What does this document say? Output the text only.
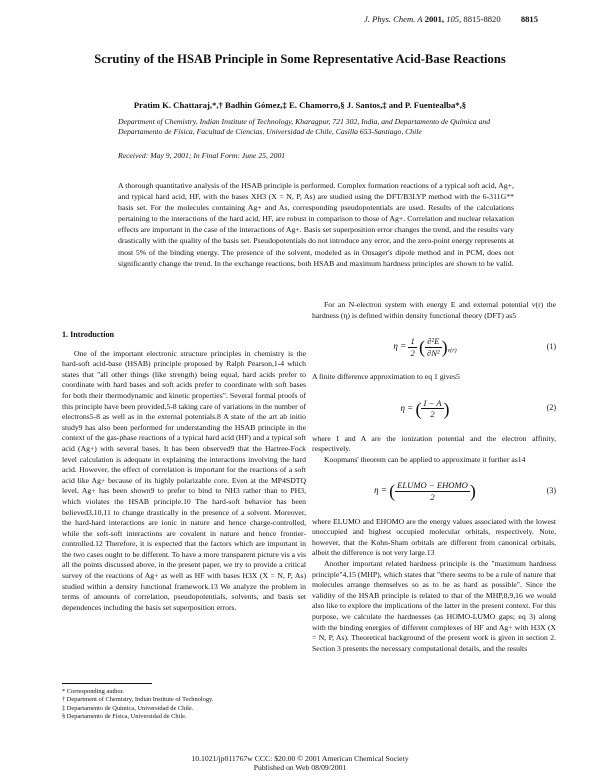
J. Phys. Chem. A 2001, 105, 8815-8820 8815
Scrutiny of the HSAB Principle in Some Representative Acid-Base Reactions
Pratim K. Chattaraj,*,† Badhin Gómez,‡ E. Chamorro,§ J. Santos,‡ and P. Fuentealba*,§
Department of Chemistry, Indian Institute of Technology, Kharagpur, 721 302, India, and Departamento de Química and Departamento de Física, Facultad de Ciencias, Universidad de Chile, Casilla 653-Santiago, Chile
Received: May 9, 2001; In Final Form: June 25, 2001
A thorough quantitative analysis of the HSAB principle is performed. Complex formation reactions of a typical soft acid, Ag+, and typical hard acid, HF, with the bases XH3 (X = N, P, As) are studied using the DFT/B3LYP method with the 6-311G** basis set. For the molecules containing Ag+ and As, corresponding pseudopotentials are used. Results of the calculations pertaining to the interactions of the hard acid, HF, are robust in comparison to those of Ag+. Correlation and nuclear relaxation effects are important in the case of the interactions of Ag+. Basis set superposition error changes the trend, and the results vary drastically with the quality of the basis set. Pseudopotentials do not introduce any error, and the zero-point energy represents at most 5% of the binding energy. The presence of the solvent, modeled as in Onsager's dipole method and in PCM, does not significantly change the trend. In the exchange reactions, both HSAB and maximum hardness principles are shown to be valid.
1. Introduction

One of the important electronic structure principles in chemistry is the hard-soft acid-base (HSAB) principle proposed by Ralph Pearson,1-4 which states that "all other things (like strength) being equal, hard acids prefer to coordinate with hard bases and soft acids prefer to coordinate with soft bases for both their thermodynamic and kinetic properties". Several formal proofs of this principle have been provided,5-8 taking care of variations in the number of electrons5-8 as well as in the external potentials.8 A state of the art ab initio study9 has also been performed for understanding the HSAB principle in the context of the gas-phase reactions of a typical hard acid (HF) and a typical soft acid (Ag+) with several bases. It has been observed9 that the Hartree-Fock level calculation is adequate in explaining the interactions involving the hard acid. However, the effect of correlation is important for the reactions of a soft acid like Ag+ because of its highly polarizable core. Even at the MP4SDTQ level, Ag+ has been shown9 to prefer to bind to NH3 rather than to PH3, which violates the HSAB principle.10 The hard-soft behavior has been believed3,10,11 to change drastically in the presence of a solvent. Moreover, the hard-hard interactions are ionic in nature and hence charge-controlled, while the soft-soft interactions are covalent in nature and hence frontier-controlled.12 Therefore, it is expected that the factors which are important in the two cases ought to be different. To have a more transparent picture vis a vis all the points discussed above, in the present paper, we try to provide a critical survey of the reactions of Ag+ as well as HF with bases H3X (X = N, P, As) studied within a density functional framework.13 We analyze the problem in terms of amounts of correlation, pseudopotentials, solvents, and basis set dependences including the basis set superposition errors.

For an N-electron system with energy E and external potential v(r) the hardness (η) is defined within density functional theory (DFT) as5

$\eta = \frac{1}{2}$ ( $\frac{\text{∂²E}}{\text{∂N²}} )_{v(r)}$
(1)

A finite difference approximation to eq 1 gives5

η = ( $\frac{I - A}{2}$ )	(2)

where I and A are the ionization potential and the electron affinity, respectively.

Koopmans' theorem can be applied to approximate it further as14

η = ( $\frac{\text{ELUMO − EHOMO}}{2}$ )	(3)

where ELUMO and EHOMO are the energy values associated with the lowest unoccupied and highest occupied molecular orbitals, respectively. Note, however, that the Kohn-Sham orbitals are different from canonical orbitals, albeit the difference is not very large.13

Another important related hardness principle is the "maximum hardness principle"4,15 (MHP), which states that "there seems to be a rule of nature that molecules arrange themselves so as to be as hard as possible". Since the validity of the HSAB principle is related to that of the MHP,8,9,16 we would also like to explore the implications of the latter in the present context. For this purpose, we calculate the hardnesses (as HOMO-LUMO gaps; eq 3) along with the binding energies of different complexes of HF and Ag+ with H3X (X = N, P, As). Theoretical background of the present work is given in section 2. Section 3 presents the necessary computational details, and the results

* Corresponding author.
† Department of Chemistry, Indian Institute of Technology.
‡ Departamento de Química, Universidad de Chile.
§ Departamento de Física, Universidad de Chile.
10.1021/jp011767w CCC: $20.00 © 2001 American Chemical Society
Published on Web 08/09/2001
